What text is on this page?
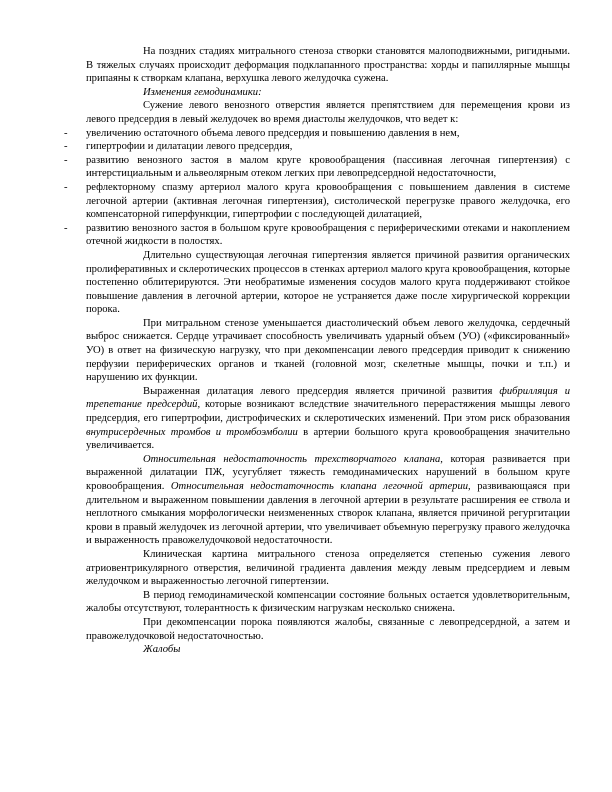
На поздних стадиях митрального стеноза створки становятся малоподвижными, ригидными. В тяжелых случаях происходит деформация подклапанного пространства: хорды и папиллярные мышцы припаяны к створкам клапана, верхушка левого желудочка сужена.

Изменения гемодинамики:

Сужение левого венозного отверстия является препятствием для перемещения крови из левого предсердия в левый желудочек во время диастолы желудочков, что ведет к:

- увеличению остаточного объема левого предсердия и повышению давления в нем,
- гипертрофии и дилатации левого предсердия,
- развитию венозного застоя в малом круге кровообращения (пассивная легочная гипертензия) с интерстициальным и альвеолярным отеком легких при левопредсердной недостаточности,
- рефлекторному спазму артериол малого круга кровообращения с повышением давления в системе легочной артерии (активная легочная гипертензия), систолической перегрузке правого желудочка, его компенсаторной гиперфункции, гипертрофии с последующей дилатацией,
- развитию венозного застоя в большом круге кровообращения с периферическими отеками и накоплением отечной жидкости в полостях.

Длительно существующая легочная гипертензия является причиной развития органических пролиферативных и склеротических процессов в стенках артериол малого круга кровообращения, которые постепенно облитерируются. Эти необратимые изменения сосудов малого круга поддерживают стойкое повышение давления в легочной артерии, которое не устраняется даже после хирургической коррекции порока.

При митральном стенозе уменьшается диастолический объем левого желудочка, сердечный выброс снижается. Сердце утрачивает способность увеличивать ударный объем (УО) («фиксированный» УО) в ответ на физическую нагрузку, что при декомпенсации левого предсердия приводит к снижению перфузии периферических органов и тканей (головной мозг, скелетные мышцы, почки и т.п.) и нарушению их функции.

Выраженная дилатация левого предсердия является причиной развития фибрилляция и трепетание предсердий, которые возникают вследствие значительного перерастяжения мышцы левого предсердия, его гипертрофии, дистрофических и склеротических изменений. При этом риск образования внутрисердечных тромбов и тромбоэмболии в артерии большого круга кровообращения значительно увеличивается.

Относительная недостаточность трехстворчатого клапана, которая развивается при выраженной дилатации ПЖ, усугубляет тяжесть гемодинамических нарушений в большом круге кровообращения. Относительная недостаточность клапана легочной артерии, развивающаяся при длительном и выраженном повышении давления в легочной артерии в результате расширения ее ствола и неплотного смыкания морфологически неизмененных створок клапана, является причиной регургитации крови в правый желудочек из легочной артерии, что увеличивает объемную перегрузку правого желудочка и выраженность правожелудочковой недостаточности.

Клиническая картина митрального стеноза определяется степенью сужения левого атриовентрикулярного отверстия, величиной градиента давления между левым предсердием и левым желудочком и выраженностью легочной гипертензии.

В период гемодинамической компенсации состояние больных остается удовлетворительным, жалобы отсутствуют, толерантность к физическим нагрузкам несколько снижена.

При декомпенсации порока появляются жалобы, связанные с левопредсердной, а затем и правожелудочковой недостаточностью.

Жалобы
